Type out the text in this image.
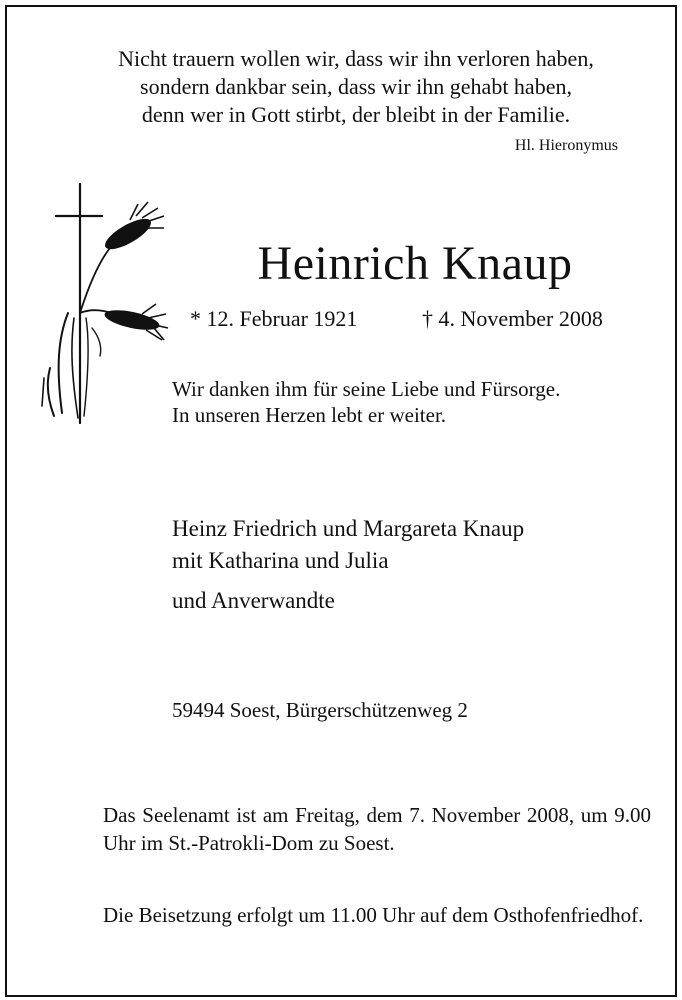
Nicht trauern wollen wir, dass wir ihn verloren haben,
sondern dankbar sein, dass wir ihn gehabt haben,
denn wer in Gott stirbt, der bleibt in der Familie.
Hl. Hieronymus
Heinrich Knaup
* 12. Februar 1921	† 4. November 2008
Wir danken ihm für seine Liebe und Fürsorge.
In unseren Herzen lebt er weiter.
Heinz Friedrich und Margareta Knaup
mit Katharina und Julia
und Anverwandte
59494 Soest, Bürgerschützenweg 2
Das Seelenamt ist am Freitag, dem 7. November 2008, um 9.00 Uhr im St.-Patrokli-Dom zu Soest.
Die Beisetzung erfolgt um 11.00 Uhr auf dem Osthofenfriedhof.
